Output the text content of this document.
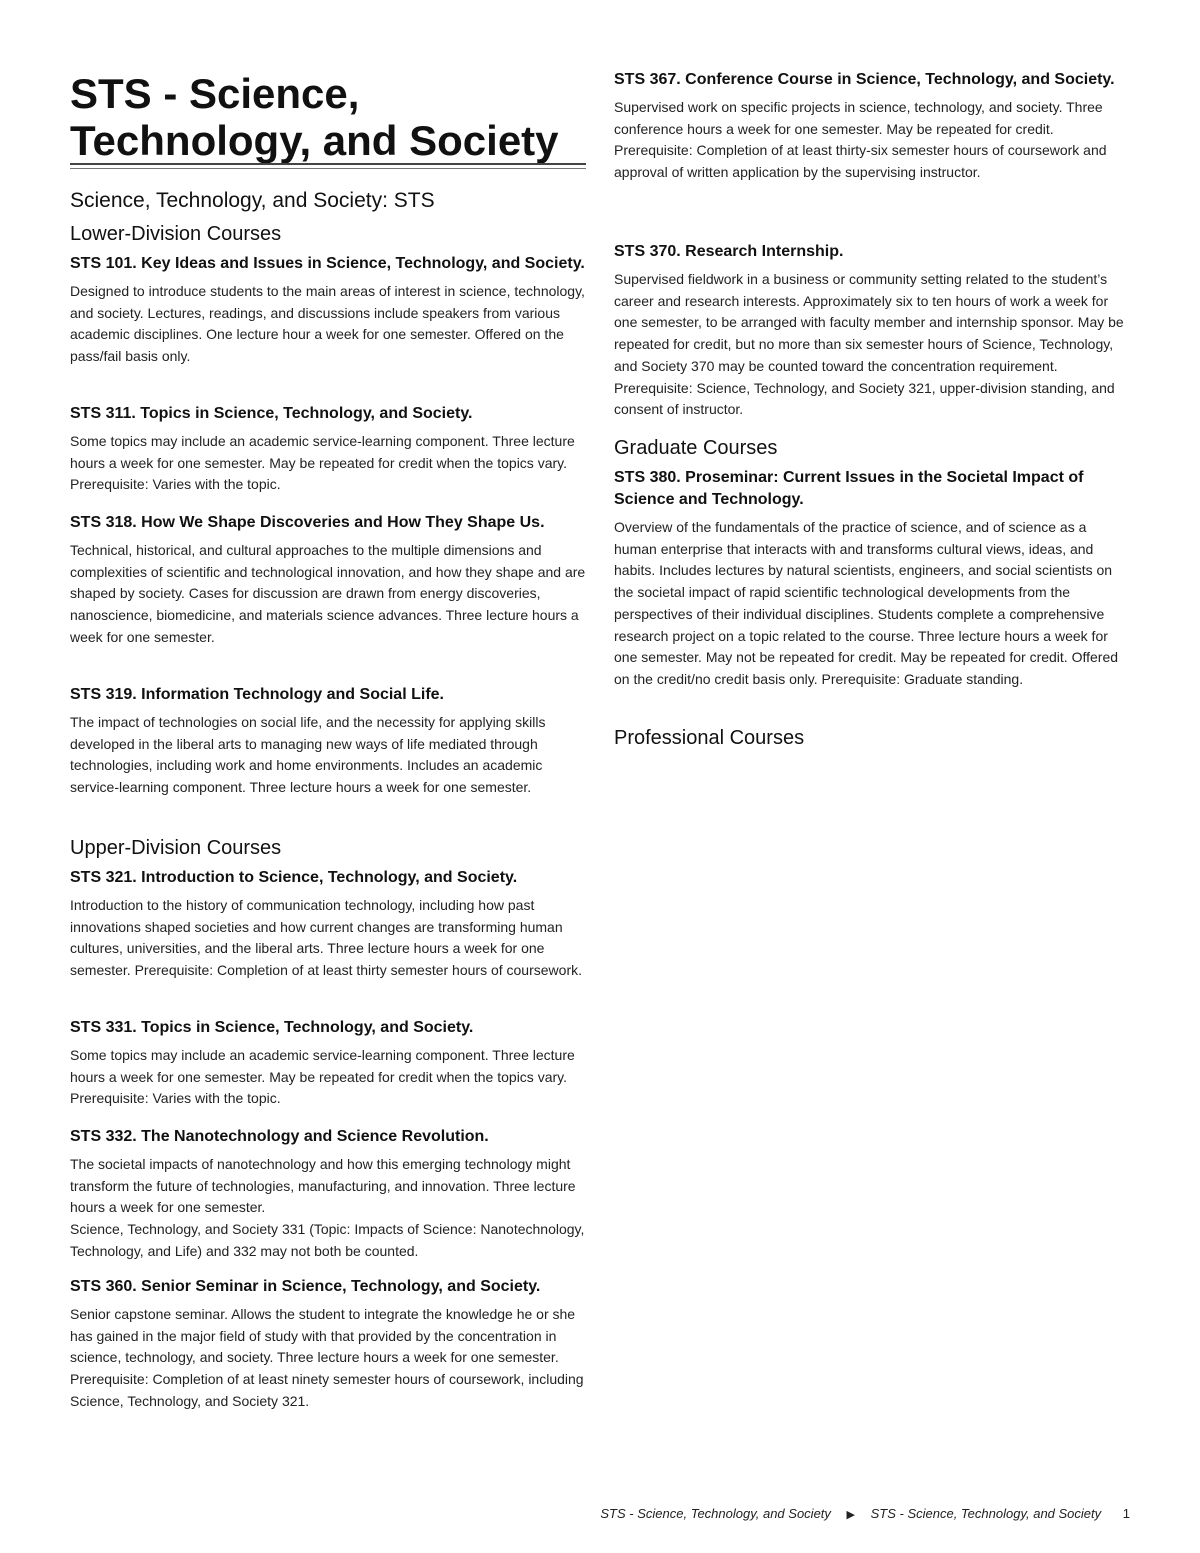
STS - Science, Technology, and Society
Science, Technology, and Society: STS
Lower-Division Courses

STS 101. Key Ideas and Issues in Science, Technology, and Society.

Designed to introduce students to the main areas of interest in science, technology, and society. Lectures, readings, and discussions include speakers from various academic disciplines. One lecture hour a week for one semester. Offered on the pass/fail basis only.

STS 311. Topics in Science, Technology, and Society.

Some topics may include an academic service-learning component. Three lecture hours a week for one semester. May be repeated for credit when the topics vary. Prerequisite: Varies with the topic.

STS 318. How We Shape Discoveries and How They Shape Us.

Technical, historical, and cultural approaches to the multiple dimensions and complexities of scientific and technological innovation, and how they shape and are shaped by society. Cases for discussion are drawn from energy discoveries, nanoscience, biomedicine, and materials science advances. Three lecture hours a week for one semester.

STS 319. Information Technology and Social Life.

The impact of technologies on social life, and the necessity for applying skills developed in the liberal arts to managing new ways of life mediated through technologies, including work and home environments. Includes an academic service-learning component. Three lecture hours a week for one semester.

Upper-Division Courses

STS 321. Introduction to Science, Technology, and Society.

Introduction to the history of communication technology, including how past innovations shaped societies and how current changes are transforming human cultures, universities, and the liberal arts. Three lecture hours a week for one semester. Prerequisite: Completion of at least thirty semester hours of coursework.

STS 331. Topics in Science, Technology, and Society.

Some topics may include an academic service-learning component. Three lecture hours a week for one semester. May be repeated for credit when the topics vary. Prerequisite: Varies with the topic.

STS 332. The Nanotechnology and Science Revolution.

The societal impacts of nanotechnology and how this emerging technology might transform the future of technologies, manufacturing, and innovation. Three lecture hours a week for one semester.

Science, Technology, and Society 331 (Topic: Impacts of Science: Nanotechnology, Technology, and Life) and 332 may not both be counted.

STS 360. Senior Seminar in Science, Technology, and Society.

Senior capstone seminar. Allows the student to integrate the knowledge he or she has gained in the major field of study with that provided by the concentration in science, technology, and society. Three lecture hours a week for one semester. Prerequisite: Completion of at least ninety semester hours of coursework, including Science, Technology, and Society 321.

STS 367. Conference Course in Science, Technology, and Society.

Supervised work on specific projects in science, technology, and society. Three conference hours a week for one semester. May be repeated for credit. Prerequisite: Completion of at least thirty-six semester hours of coursework and approval of written application by the supervising instructor.

STS 370. Research Internship.

Supervised fieldwork in a business or community setting related to the student’s career and research interests. Approximately six to ten hours of work a week for one semester, to be arranged with faculty member and internship sponsor. May be repeated for credit, but no more than six semester hours of Science, Technology, and Society 370 may be counted toward the concentration requirement. Prerequisite: Science, Technology, and Society 321, upper-division standing, and consent of instructor.

Graduate Courses

STS 380. Proseminar: Current Issues in the Societal Impact of Science and Technology.

Overview of the fundamentals of the practice of science, and of science as a human enterprise that interacts with and transforms cultural views, ideas, and habits. Includes lectures by natural scientists, engineers, and social scientists on the societal impact of rapid scientific technological developments from the perspectives of their individual disciplines. Students complete a comprehensive research project on a topic related to the course. Three lecture hours a week for one semester. May not be repeated for credit. May be repeated for credit. Offered on the credit/no credit basis only. Prerequisite: Graduate standing.

Professional Courses
STS - Science, Technology, and Society ▶ STS - Science, Technology, and Society 1
